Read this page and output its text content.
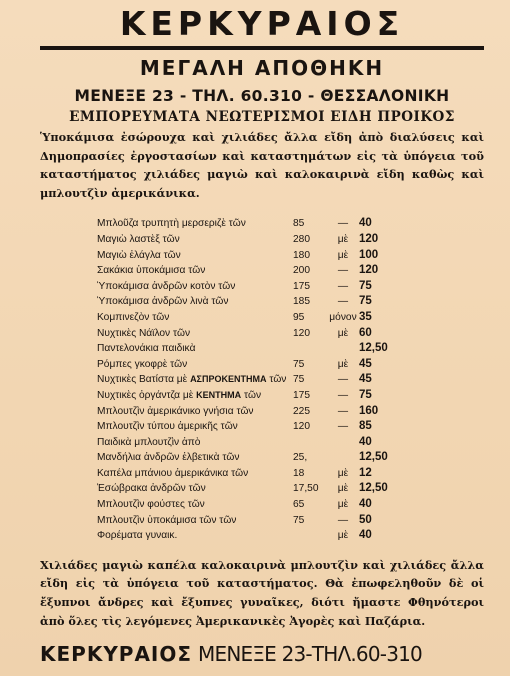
ΚΕΡΚΥΡΑΙΟΣ
ΜΕΓΑΛΗ ΑΠΟΘΗΚΗ

ΜΕΝΕΞΕ 23 - ΤΗΛ. 60.310 - ΘΕΣΣΑΛΟΝΙΚΗ

ΕΜΠΟΡΕΥΜΑΤΑ ΝΕΩΤΕΡΙΣΜΟΙ ΕΙΔΗ ΠΡΟΙΚΟΣ

Ὑποκάμισα ἐσώρουχα καὶ χιλιάδες ἄλλα εἴδη ἀπὸ διαλύσεις καὶ Δημοπρασίες ἐργοστασίων καὶ καταστημάτων εἰς τὰ ὑπόγεια τοῦ καταστήματος χιλιάδες μαγιὼ καὶ καλοκαιρινὰ εἴδη καθὼς καὶ μπλουτζὶν ἀμερικάνικα.

Μπλοῦζα τρυπητὴ μερσεριζὲ τῶν	85	—	40
Μαγιὼ λαστὲξ τῶν	280	μὲ	120
Μαγιὼ ἐλάγλα τῶν	180	μὲ	100
Σακάκια ὑποκάμισα τῶν	200	—	120
Ὑποκάμισα ἀνδρῶν κοτὸν τῶν	175	—	75
Ὑποκάμισα ἀνδρῶν λινὰ τῶν	185	—	75
Κομπινεζὸν τῶν	95	μόνον	35
Νυχτικὲς Νάϊλον τῶν	120	μὲ	60
Παντελονάκια παιδικὰ			12,50
Ρόμπες γκοφρὲ τῶν	75	μὲ	45
Νυχτικὲς Βατίστα μὲ ΑΣΠΡΟΚΕΝΤΗΜΑ τῶν	75	—	45
Νυχτικὲς ὀργάντζα μὲ ΚΕΝΤΗΜΑ τῶν	175	—	75
Μπλουτζὶν ἀμερικάνικο γνήσια τῶν	225	—	160
Μπλουτζὶν τύπου ἀμερικῆς τῶν	120	—	85
Παιδικὰ μπλουτζὶν ἀπὸ			40
Μανδήλια ἀνδρῶν ἐλβετικὰ τῶν	25,		12,50
Καπέλα μπάνιου ἀμερικάνικα τῶν	18	μὲ	12
Ἐσώβρακα ἀνδρῶν τῶν	17,50	μὲ	12,50
Μπλουτζὶν φούστες τῶν	65	μὲ	40
Μπλουτζὶν ὑποκάμισα τῶν τῶν	75	—	50
Φορέματα γυναικ.		μὲ	40

Χιλιάδες μαγιὼ καπέλα καλοκαιρινὰ μπλουτζὶν καὶ χιλιάδες ἄλλα εἴδη εἰς τὰ ὑπόγεια τοῦ καταστήματος. Θὰ ἐπωφεληθοῦν δὲ οἱ ἔξυπνοι ἄνδρες καὶ ἔξυπνες γυναῖκες, διότι ἤμαστε Φθηνότεροι ἀπὸ ὅλες τὶς λεγόμενες Ἀμερικανικὲς Ἀγορὲς καὶ Παζάρια.

ΚΕΡΚΥΡΑΙΟΣ ΜΕΝΕΞΕ 23-ΤΗΛ.60-310
